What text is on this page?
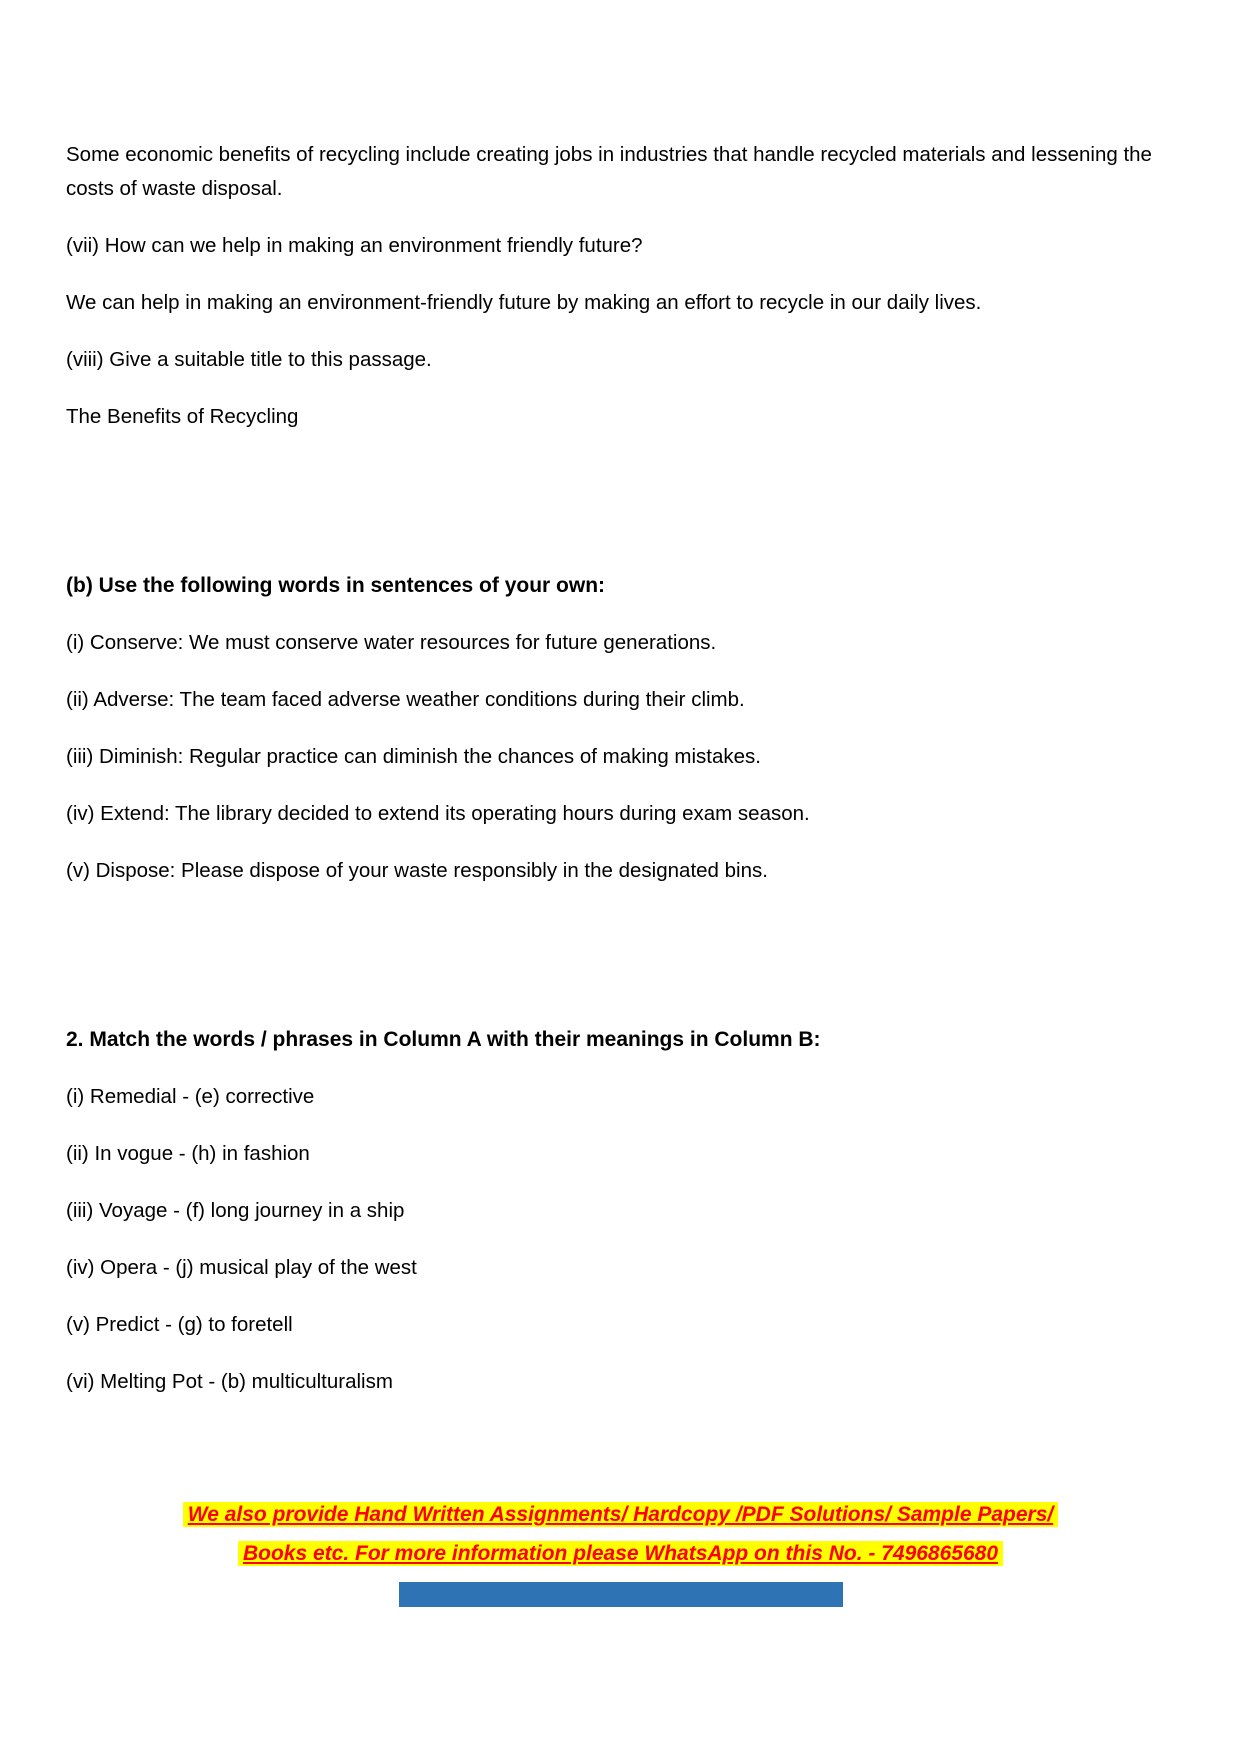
Some economic benefits of recycling include creating jobs in industries that handle recycled materials and lessening the costs of waste disposal.

(vii) How can we help in making an environment friendly future?

We can help in making an environment-friendly future by making an effort to recycle in our daily lives.

(viii) Give a suitable title to this passage.

The Benefits of Recycling

(b) Use the following words in sentences of your own:

(i) Conserve: We must conserve water resources for future generations.

(ii) Adverse: The team faced adverse weather conditions during their climb.

(iii) Diminish: Regular practice can diminish the chances of making mistakes.

(iv) Extend: The library decided to extend its operating hours during exam season.

(v) Dispose: Please dispose of your waste responsibly in the designated bins.

2. Match the words / phrases in Column A with their meanings in Column B:

(i) Remedial - (e) corrective

(ii) In vogue - (h) in fashion

(iii) Voyage - (f) long journey in a ship

(iv) Opera - (j) musical play of the west

(v) Predict - (g) to foretell

(vi) Melting Pot - (b) multiculturalism

We also provide Hand Written Assignments/ Hardcopy /PDF Solutions/ Sample Papers/

Books etc. For more information please WhatsApp on this No. - 7496865680
